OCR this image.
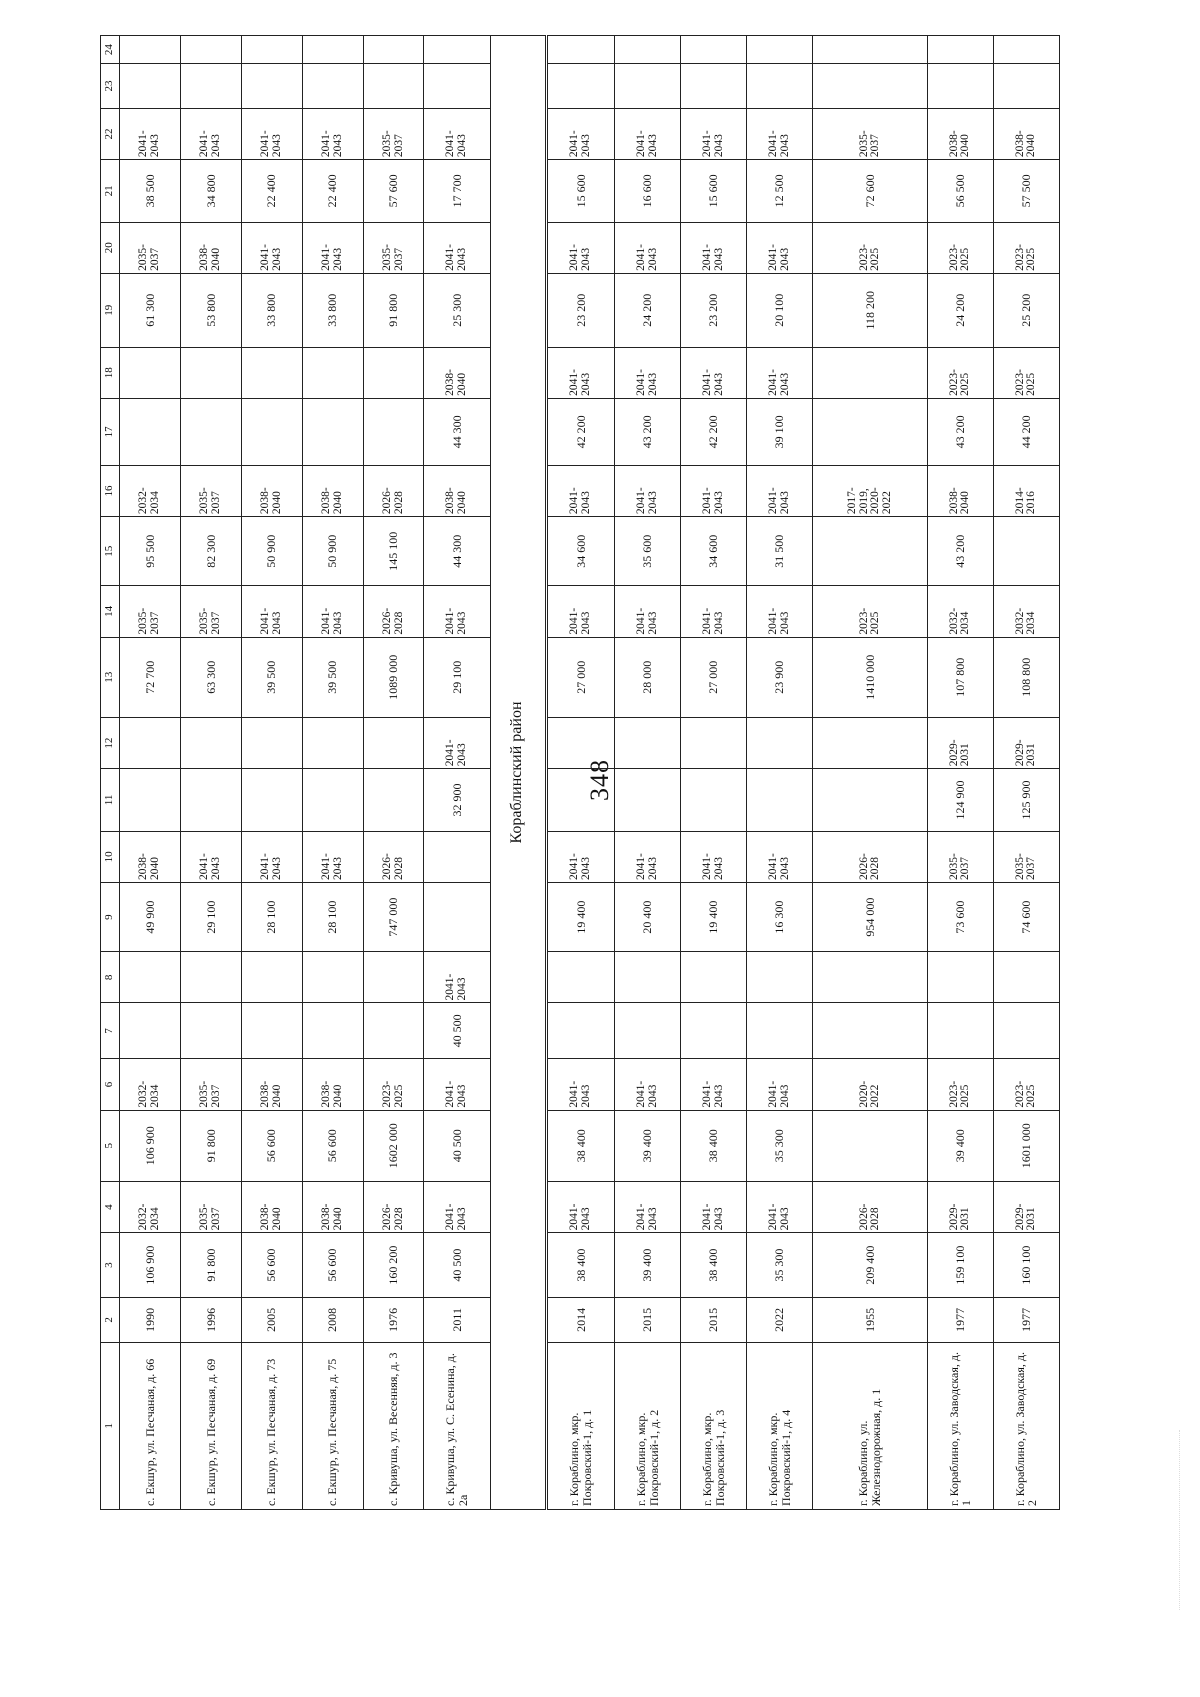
348
1	2	3	4	5	6	7	8	9	10	11	12	13	14	15	16	17	18	19	20	21	22	23	24
с. Екшур, ул. Песчаная, д. 66	1990	106 900	2032-2034	106 900	2032-2034			49 900	2038-2040			72 700	2035-2037	95 500	2032-2034			61 300	2035-2037	38 500	2041-2043		
с. Екшур, ул. Песчаная, д. 69	1996	91 800	2035-2037	91 800	2035-2037			29 100	2041-2043			63 300	2035-2037	82 300	2035-2037			53 800	2038-2040	34 800	2041-2043		
с. Екшур, ул. Песчаная, д. 73	2005	56 600	2038-2040	56 600	2038-2040			28 100	2041-2043			39 500	2041-2043	50 900	2038-2040			33 800	2041-2043	22 400	2041-2043		
с. Екшур, ул. Песчаная, д. 75	2008	56 600	2038-2040	56 600	2038-2040			28 100	2041-2043			39 500	2041-2043	50 900	2038-2040			33 800	2041-2043	22 400	2041-2043		
с. Кривуша, ул. Весенняя, д. 3	1976	160 200	2026-2028	1602 000	2023-2025			747 000	2026-2028			1089 000	2026-2028	145 100	2026-2028			91 800	2035-2037	57 600	2035-2037		
с. Кривуша, ул. С. Есенина, д. 2а	2011	40 500	2041-2043	40 500	2041-2043	40 500	2041-2043			32 900	2041-2043	29 100	2041-2043	44 300	2038-2040	44 300	2038-2040	25 300	2041-2043	17 700	2041-2043		
Кораблинский район																							
г. Кораблино, мкр. Покровский-1, д. 1	2014	38 400	2041-2043	38 400	2041-2043			19 400	2041-2043			27 000	2041-2043	34 600	2041-2043	42 200	2041-2043	23 200	2041-2043	15 600	2041-2043		
г. Кораблино, мкр. Покровский-1, д. 2	2015	39 400	2041-2043	39 400	2041-2043			20 400	2041-2043			28 000	2041-2043	35 600	2041-2043	43 200	2041-2043	24 200	2041-2043	16 600	2041-2043		
г. Кораблино, мкр. Покровский-1, д. 3	2015	38 400	2041-2043	38 400	2041-2043			19 400	2041-2043			27 000	2041-2043	34 600	2041-2043	42 200	2041-2043	23 200	2041-2043	15 600	2041-2043		
г. Кораблино, мкр. Покровский-1, д. 4	2022	35 300	2041-2043	35 300	2041-2043			16 300	2041-2043			23 900	2041-2043	31 500	2041-2043	39 100	2041-2043	20 100	2041-2043	12 500	2041-2043		
г. Кораблино, ул. Железнодорожная, д. 1	1955	209 400	2026-2028		2020-2022			954 000	2026-2028			1410 000	2023-2025		2017-2019, 2020-2022			118 200	2023-2025	72 600	2035-2037		
г. Кораблино, ул. Заводская, д. 1	1977	159 100	2029-2031	39 400	2023-2025			73 600	2035-2037	124 900	2029-2031	107 800	2032-2034	43 200	2038-2040	43 200	2023-2025	24 200	2023-2025	56 500	2038-2040		
г. Кораблино, ул. Заводская, д. 2	1977	160 100	2029-2031	1601 000	2023-2025			74 600	2035-2037	125 900	2029-2031	108 800	2032-2034		2014-2016	44 200	2023-2025	25 200	2023-2025	57 500	2038-2040		
